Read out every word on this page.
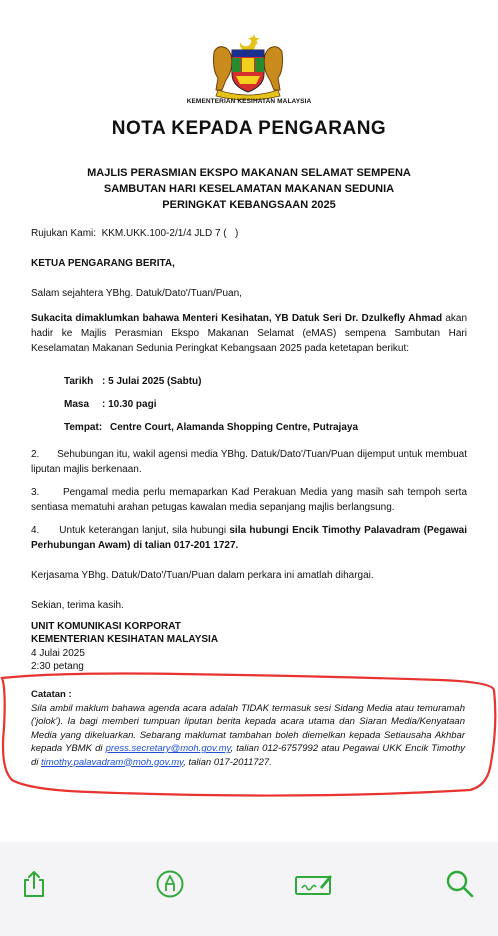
KEMENTERIAN KESIHATAN MALAYSIA
NOTA KEPADA PENGARANG
MAJLIS PERASMIAN EKSPO MAKANAN SELAMAT SEMPENA
SAMBUTAN HARI KESELAMATAN MAKANAN SEDUNIA
PERINGKAT KEBANGSAAN 2025
Rujukan Kami:  KKM.UKK.100-2/1/4 JLD 7 (   )
KETUA PENGARANG BERITA,
Salam sejahtera YBhg. Datuk/Dato'/Tuan/Puan,
Sukacita dimaklumkan bahawa Menteri Kesihatan, YB Datuk Seri Dr. Dzulkefly Ahmad akan hadir ke Majlis Perasmian Ekspo Makanan Selamat (eMAS) sempena Sambutan Hari Keselamatan Makanan Sedunia Peringkat Kebangsaan 2025 pada ketetapan berikut:
Tarikh : 5 Julai 2025 (Sabtu)
Masa : 10.30 pagi
Tempat: Centre Court, Alamanda Shopping Centre, Putrajaya
2. Sehubungan itu, wakil agensi media YBhg. Datuk/Dato'/Tuan/Puan dijemput untuk membuat liputan majlis berkenaan.
3. Pengamal media perlu memaparkan Kad Perakuan Media yang masih sah tempoh serta sentiasa mematuhi arahan petugas kawalan media sepanjang majlis berlangsung.
4. Untuk keterangan lanjut, sila hubungi sila hubungi Encik Timothy Palavadram (Pegawai Perhubungan Awam) di talian 017-201 1727.
Kerjasama YBhg. Datuk/Dato'/Tuan/Puan dalam perkara ini amatlah dihargai.
Sekian, terima kasih.
UNIT KOMUNIKASI KORPORAT
KEMENTERIAN KESIHATAN MALAYSIA
4 Julai 2025
2:30 petang
Catatan :
Sila ambil maklum bahawa agenda acara adalah TIDAK termasuk sesi Sidang Media atau temuramah ('jolok'). Ia bagi memberi tumpuan liputan berita kepada acara utama dan Siaran Media/Kenyataan Media yang dikeluarkan. Sebarang maklumat tambahan boleh diemelkan kepada Setiausaha Akhbar kepada YBMK di press.secretary@moh.gov.my, talian 012-6757992 atau Pegawai UKK Encik Timothy di timothy.palavadram@moh.gov.my, talian 017-2011727.
